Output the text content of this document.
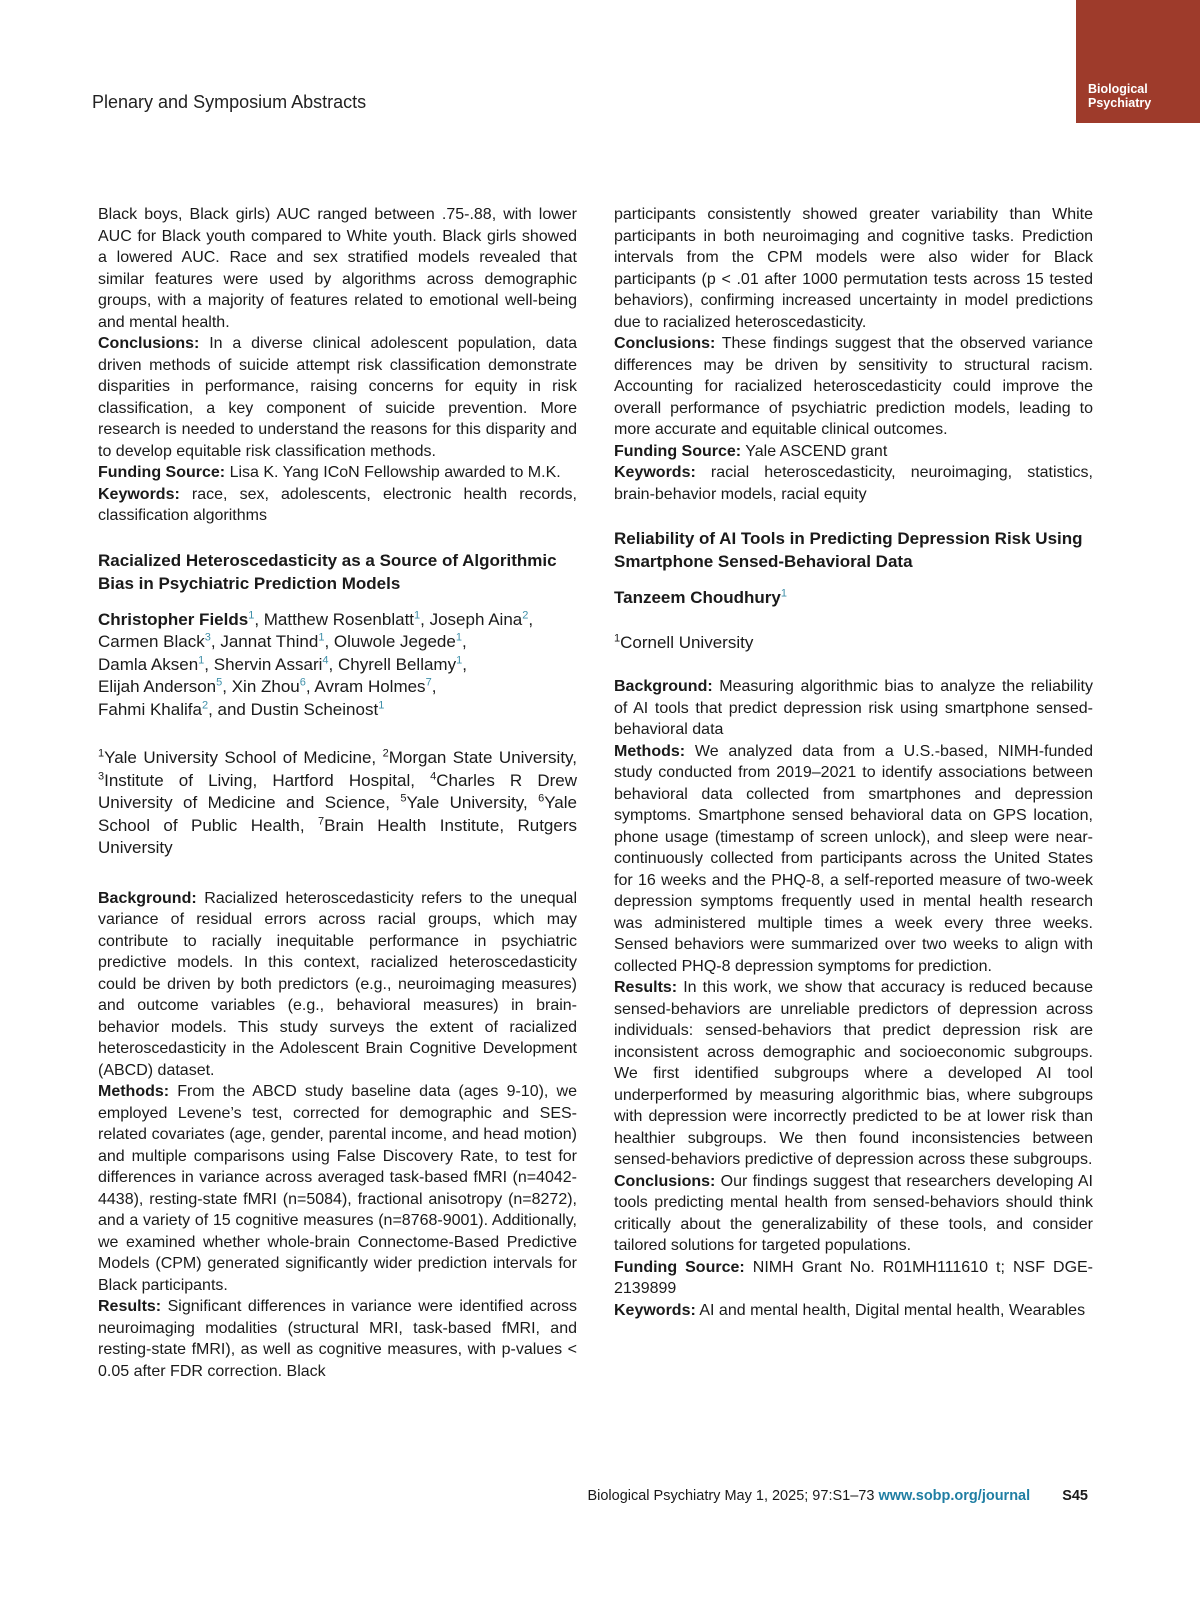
Plenary and Symposium Abstracts
Biological
Psychiatry

Black boys, Black girls) AUC ranged between .75-.88, with lower AUC for Black youth compared to White youth. Black girls showed a lowered AUC. Race and sex stratified models revealed that similar features were used by algorithms across demographic groups, with a majority of features related to emotional well-being and mental health.

Conclusions: In a diverse clinical adolescent population, data driven methods of suicide attempt risk classification demonstrate disparities in performance, raising concerns for equity in risk classification, a key component of suicide prevention. More research is needed to understand the reasons for this disparity and to develop equitable risk classification methods.

Funding Source: Lisa K. Yang ICoN Fellowship awarded to M.K.

Keywords: race, sex, adolescents, electronic health records, classification algorithms

Racialized Heteroscedasticity as a Source of Algorithmic Bias in Psychiatric Prediction Models

Christopher Fields$^1$, Matthew Rosenblatt$^1$, Joseph Aina$^2$,
Carmen Black$^3$, Jannat Thind$^1$, Oluwole Jegede$^1$,
Damla Aksen$^1$, Shervin Assari$^4$, Chyrell Bellamy$^1$,
Elijah Anderson$^5$, Xin Zhou$^6$, Avram Holmes$^7$,
Fahmi Khalifa$^2$, and Dustin Scheinost$^1$

$^1$Yale University School of Medicine, $^2$Morgan State University, $^3$Institute of Living, Hartford Hospital, $^4$Charles R Drew University of Medicine and Science, $^5$Yale University, $^6$Yale School of Public Health, $^7$Brain Health Institute, Rutgers University

Background: Racialized heteroscedasticity refers to the unequal variance of residual errors across racial groups, which may contribute to racially inequitable performance in psychiatric predictive models. In this context, racialized heteroscedasticity could be driven by both predictors (e.g., neuroimaging measures) and outcome variables (e.g., behavioral measures) in brain-behavior models. This study surveys the extent of racialized heteroscedasticity in the Adolescent Brain Cognitive Development (ABCD) dataset.

Methods: From the ABCD study baseline data (ages 9-10), we employed Levene’s test, corrected for demographic and SES-related covariates (age, gender, parental income, and head motion) and multiple comparisons using False Discovery Rate, to test for differences in variance across averaged task-based fMRI (n=4042-4438), resting-state fMRI (n=5084), fractional anisotropy (n=8272), and a variety of 15 cognitive measures (n=8768-9001). Additionally, we examined whether whole-brain Connectome-Based Predictive Models (CPM) generated significantly wider prediction intervals for Black participants.

Results: Significant differences in variance were identified across neuroimaging modalities (structural MRI, task-based fMRI, and resting-state fMRI), as well as cognitive measures, with p-values < 0.05 after FDR correction. Black

participants consistently showed greater variability than White participants in both neuroimaging and cognitive tasks. Prediction intervals from the CPM models were also wider for Black participants (p < .01 after 1000 permutation tests across 15 tested behaviors), confirming increased uncertainty in model predictions due to racialized heteroscedasticity.

Conclusions: These findings suggest that the observed variance differences may be driven by sensitivity to structural racism. Accounting for racialized heteroscedasticity could improve the overall performance of psychiatric prediction models, leading to more accurate and equitable clinical outcomes.

Funding Source: Yale ASCEND grant

Keywords: racial heteroscedasticity, neuroimaging, statistics, brain-behavior models, racial equity

Reliability of AI Tools in Predicting Depression Risk Using Smartphone Sensed-Behavioral Data

Tanzeem Choudhury$^1$

$^1$Cornell University

Background: Measuring algorithmic bias to analyze the reliability of AI tools that predict depression risk using smartphone sensed-behavioral data

Methods: We analyzed data from a U.S.-based, NIMH-funded study conducted from 2019–2021 to identify associations between behavioral data collected from smartphones and depression symptoms. Smartphone sensed behavioral data on GPS location, phone usage (timestamp of screen unlock), and sleep were near-continuously collected from participants across the United States for 16 weeks and the PHQ-8, a self-reported measure of two-week depression symptoms frequently used in mental health research was administered multiple times a week every three weeks. Sensed behaviors were summarized over two weeks to align with collected PHQ-8 depression symptoms for prediction.

Results: In this work, we show that accuracy is reduced because sensed-behaviors are unreliable predictors of depression across individuals: sensed-behaviors that predict depression risk are inconsistent across demographic and socioeconomic subgroups. We first identified subgroups where a developed AI tool underperformed by measuring algorithmic bias, where subgroups with depression were incorrectly predicted to be at lower risk than healthier subgroups. We then found inconsistencies between sensed-behaviors predictive of depression across these subgroups.

Conclusions: Our findings suggest that researchers developing AI tools predicting mental health from sensed-behaviors should think critically about the generalizability of these tools, and consider tailored solutions for targeted populations.

Funding Source: NIMH Grant No. R01MH111610 t; NSF DGE-2139899

Keywords: AI and mental health, Digital mental health, Wearables

Biological Psychiatry May 1, 2025; 97:S1–73 www.sobp.org/journal S45
